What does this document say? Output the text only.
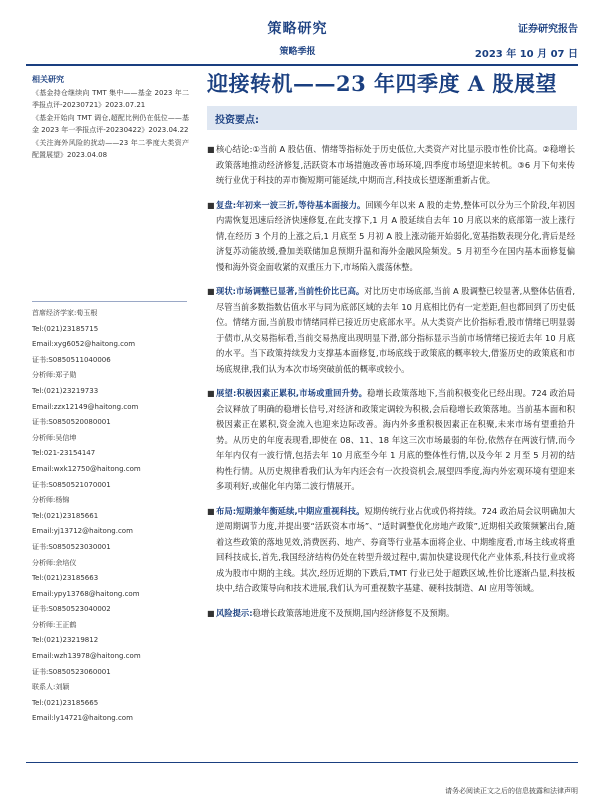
策略研究
策略季报
证券研究报告
2023 年 10 月 07 日
相关研究
《基金持仓继续向 TMT 集中——基金 2023 年二季报点评-20230721》2023.07.21
《基金开始向 TMT 调仓,超配比例仍在低位——基金 2023 年一季报点评-20230422》2023.04.22
《关注海外风险的扰动——23 年二季度大类资产配置展望》2023.04.08
首席经济学家:荀玉根
Tel:(021)23185715
Email:xyg6052@haitong.com
证书:S0850511040006
分析师:郑子勋
Tel:(021)23219733
Email:zzx12149@haitong.com
证书:S0850520080001
分析师:吴信坤
Tel:021-23154147
Email:wxk12750@haitong.com
证书:S0850521070001
分析师:杨锦
Tel:(021)23185661
Email:yj13712@haitong.com
证书:S0850523030001
分析师:余培仪
Tel:(021)23185663
Email:ypy13768@haitong.com
证书:S0850523040002
分析师:王正鹤
Tel:(021)23219812
Email:wzh13978@haitong.com
证书:S0850523060001
联系人:刘颖
Tel:(021)23185665
Email:ly14721@haitong.com
迎接转机——23 年四季度 A 股展望
投资要点:
■ 核心结论:①当前 A 股估值、情绪等指标处于历史低位,大类资产对比显示股市性价比高。②稳增长政策落地推动经济修复,活跃资本市场措施改善市场环境,四季度市场望迎来转机。③6 月下旬来传统行业优于科技的弄市衡短期可能延续,中期而言,科技成长望逐渐重新占优。
■ 复盘:年初来一波三折,等待基本面接力。回顾今年以来 A 股的走势,整体可以分为三个阶段,年初因内需恢复迅速后经济快速修复,在此支撑下,1 月 A 股延续自去年 10 月底以来的底部第一波上涨行情,在经历 3 个月的上涨之后,1 月底至 5 月初 A 股上涨动能开始弱化,宽基指数表现分化,背后是经济复苏动能放缓,叠加美联储加息预期升温和海外金融风险频发。5 月初至今在国内基本面修复偏慢和海外资金面收紧的双重压力下,市场陷入震荡休整。
■ 现状:市场调整已显著,当前性价比已高。对比历史市场底部,当前 A 股调整已较显著,从整体估值看,尽管当前多数指数估值水平与同为底部区域的去年 10 月底相比仍有一定差距,但也都回到了历史低位。情绪方面,当前股市情绪同样已接近历史底部水平。从大类资产比价指标看,股市情绪已明显弱于债市,从交易指标看,当前交易热度出现明显下滑,部分指标显示当前市场情绪已接近去年 10 月底的水平。当下政策持续发力支撑基本面修复,市场底线于政策底的概率较大,借鉴历史的政策底和市场底规律,我们认为本次市场突破前低的概率或较小。
■ 展望:积极因素正累积,市场或重回升势。稳增长政策落地下,当前积极变化已经出现。724 政治局会议释放了明确的稳增长信号,对经济和政策定调较为积极,会后稳增长政策落地。当前基本面和积极因素正在累积,资金流入也迎来边际改善。海内外多重积极因素正在积聚,未来市场有望重拾升势。从历史的年度表现看,即使在 08、11、18 年这三次市场最弱的年份,依然存在两波行情,而今年年内仅有一波行情,包括去年 10 月底至今年 1 月底的整体性行情,以及今年 2 月至 5 月初的结构性行情。从历史规律看我们认为年内还会有一次投资机会,展望四季度,海内外宏观环境有望迎来多项利好,或催化年内第二波行情展开。
■ 布局:短期兼年衡延续,中期应重视科技。短期传统行业占优或仍将持续。724 政治局会议明确加大逆周期调节力度,并提出要“活跃资本市场”、“适时调整优化房地产政策”,近期相关政策频繁出台,随着这些政策的落地见效,消费医药、地产、券商等行业基本面将企业、中期维度看,市场主线或将重回科技成长,首先,我国经济结构仍处在转型升级过程中,需加快建设现代化产业体系,科技行业或将成为股市中期的主线。其次,经历近期的下跌后,TMT 行业已处于超跌区域,性价比逐渐凸显,科技板块中,结合政策导向和技术进展,我们认为可重视数字基建、硬科技制造、AI 应用等领域。
■ 风险提示:稳增长政策落地进度不及预期,国内经济修复不及预期。
请务必阅读正文之后的信息披露和法律声明
